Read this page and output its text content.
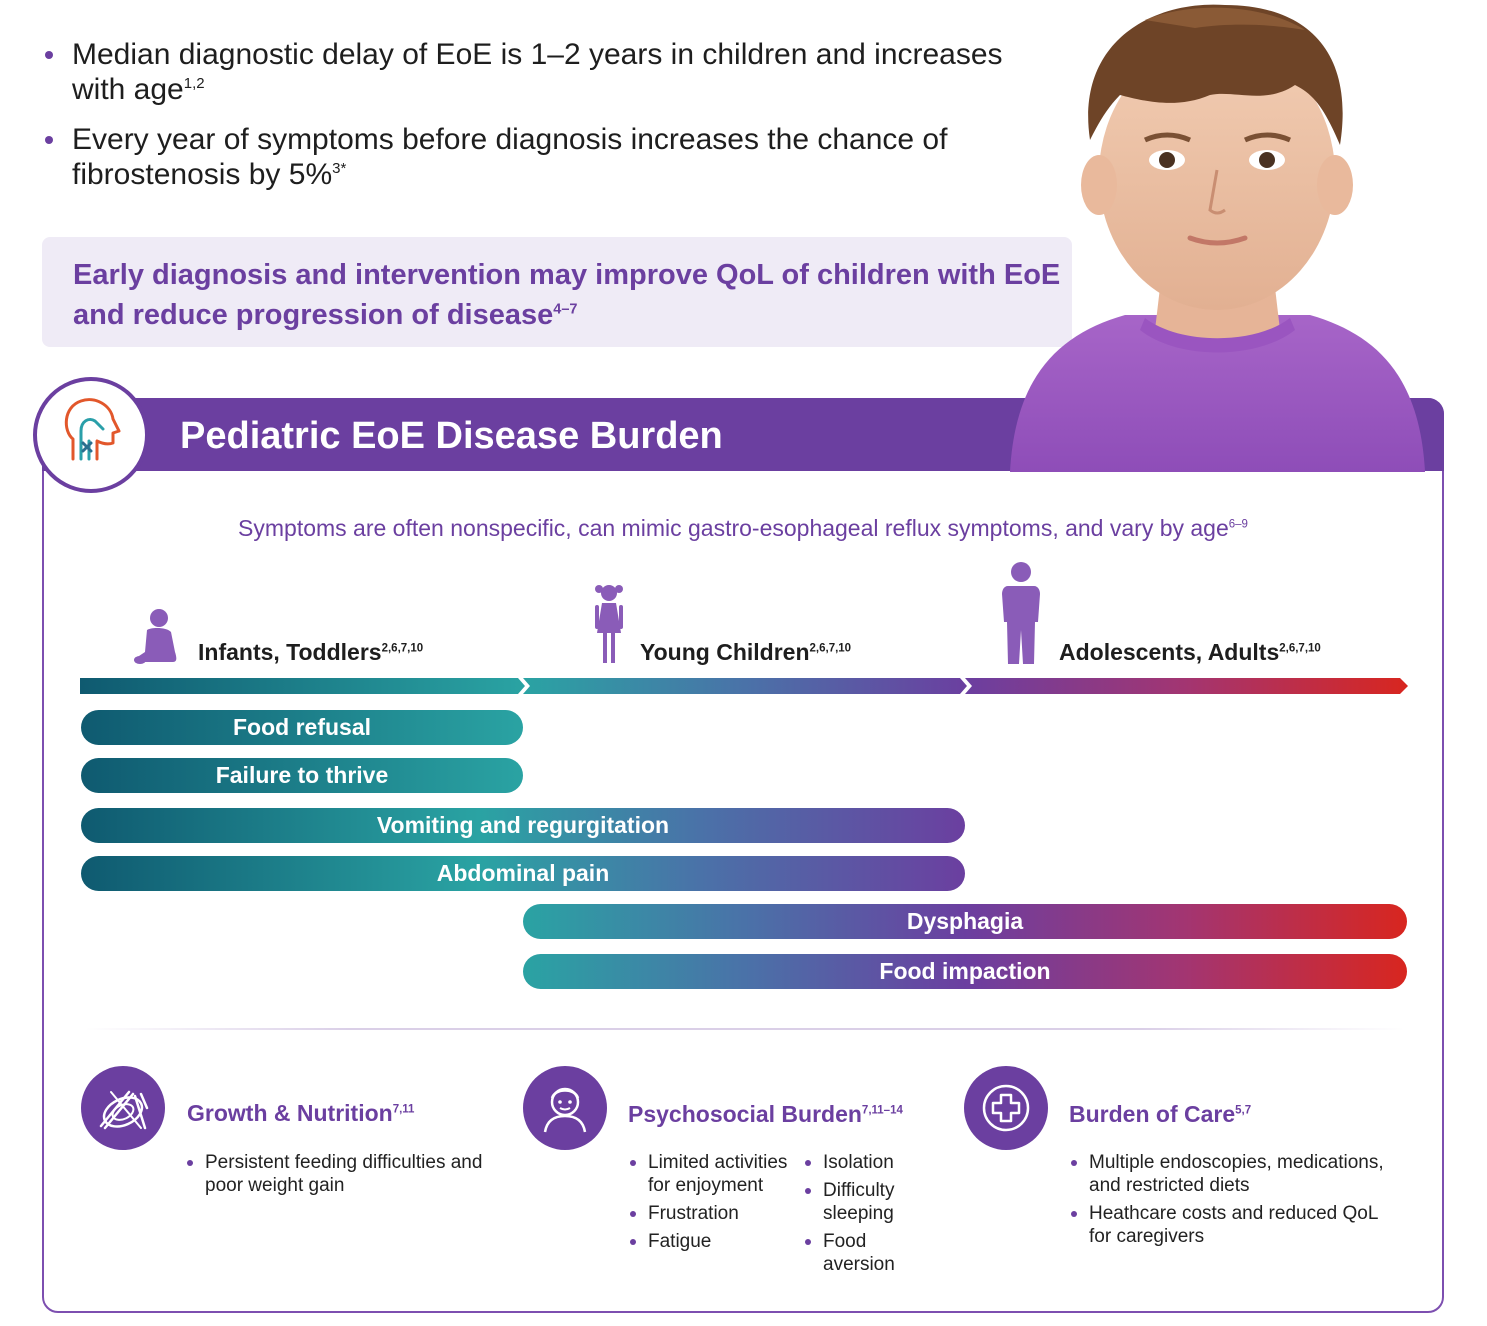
Median diagnostic delay of EoE is 1–2 years in children and increases with age$^{1,2}$
Every year of symptoms before diagnosis increases the chance of fibrostenosis by 5%$^{3*}$
Early diagnosis and intervention may improve QoL of children with EoE and reduce progression of disease$^{4-7}$
Pediatric EoE Disease Burden
Symptoms are often nonspecific, can mimic gastro-esophageal reflux symptoms, and vary by age$^{6-9}$
Infants, Toddlers$^{2,6,7,10}$	Young Children$^{2,6,7,10}$	Adolescents, Adults$^{2,6,7,10}$
Food refusal
Failure to thrive
Vomiting and regurgitation
Abdominal pain
Dysphagia
Food impaction
Growth & Nutrition$^{7,11}$
Persistent feeding difficulties and poor weight gain
Psychosocial Burden$^{7,11-14}$
Limited activities for enjoyment
Frustration
Fatigue
Isolation
Difficulty sleeping
Food aversion
Burden of Care$^{5,7}$
Multiple endoscopies, medications, and restricted diets
Heathcare costs and reduced QoL for caregivers
